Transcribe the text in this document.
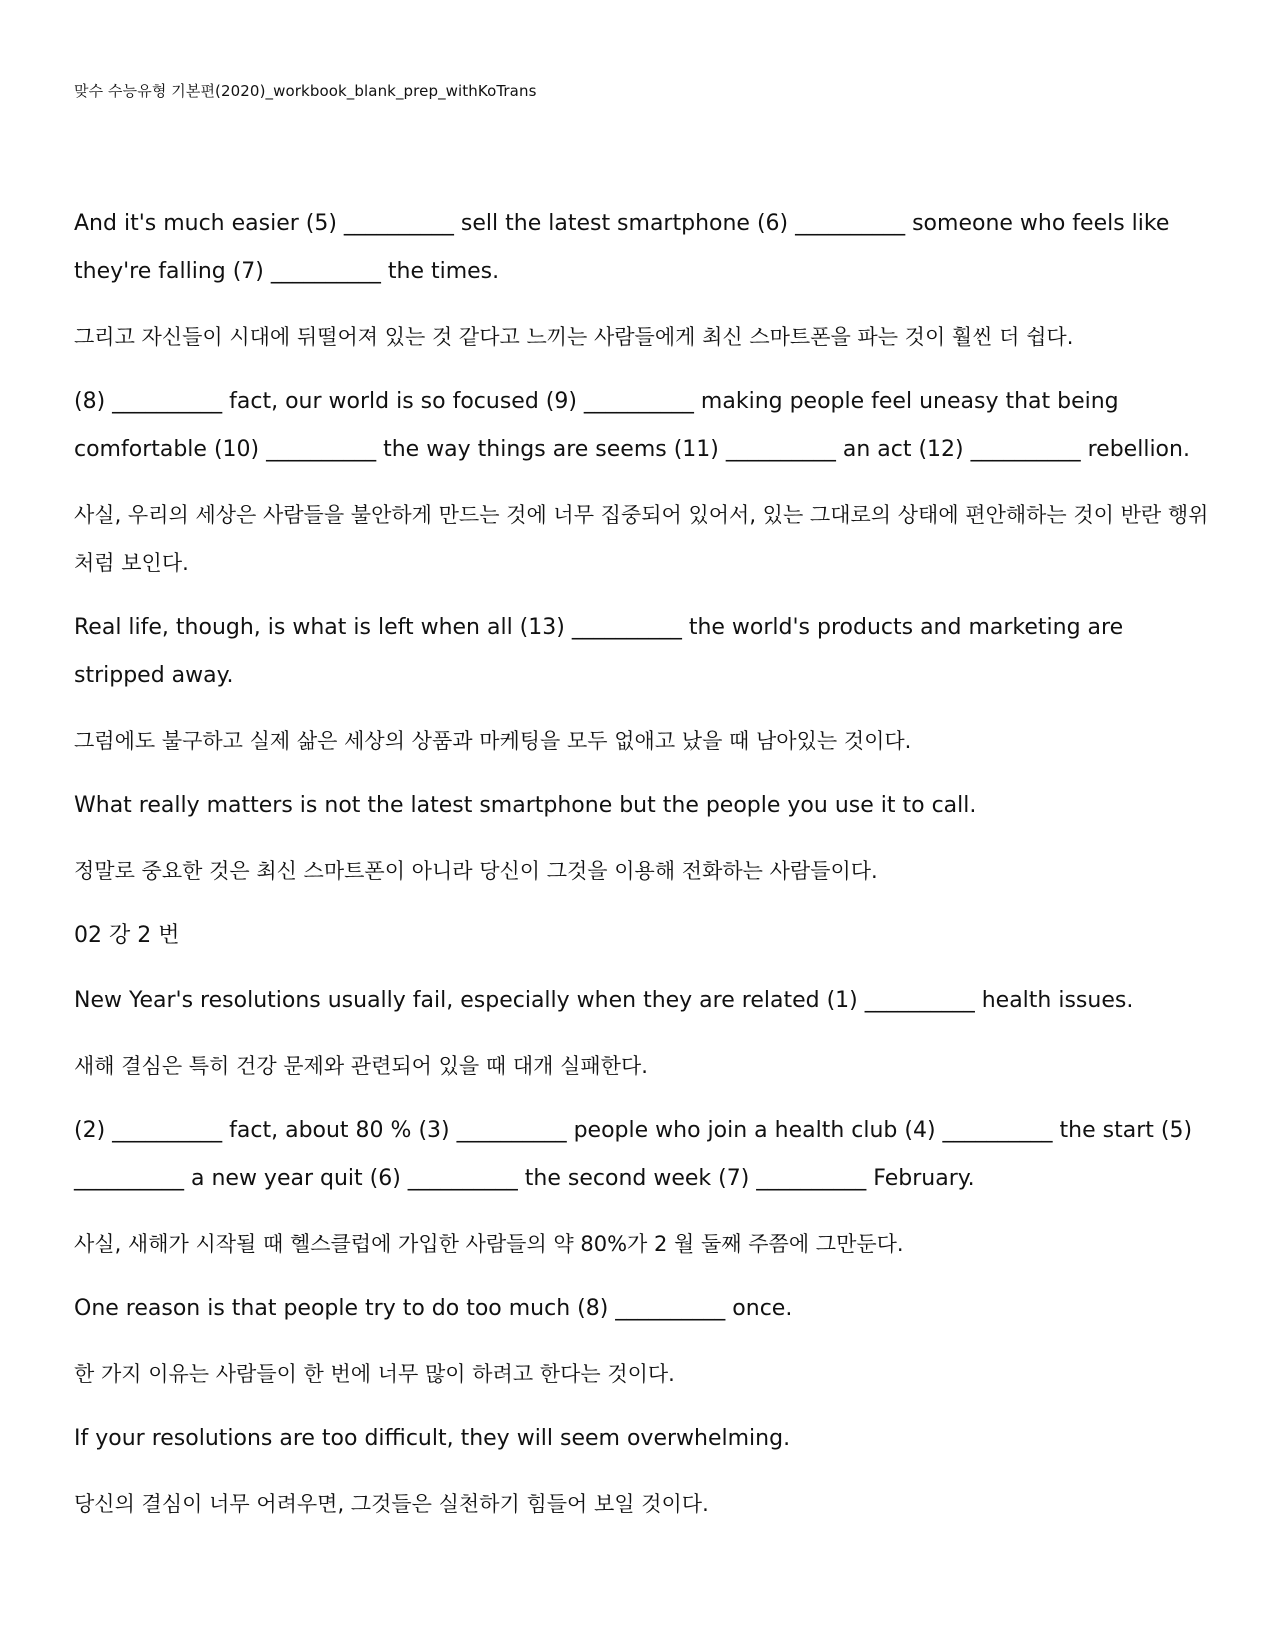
맞수 수능유형 기본편(2020)_workbook_blank_prep_withKoTrans

And it's much easier (5) __________ sell the latest smartphone (6) __________ someone who feels like they're falling (7) __________ the times.

그리고 자신들이 시대에 뒤떨어져 있는 것 같다고 느끼는 사람들에게 최신 스마트폰을 파는 것이 훨씬 더 쉽다.

(8) __________ fact, our world is so focused (9) __________ making people feel uneasy that being comfortable (10) __________ the way things are seems (11) __________ an act (12) __________ rebellion.

사실, 우리의 세상은 사람들을 불안하게 만드는 것에 너무 집중되어 있어서, 있는 그대로의 상태에 편안해하는 것이 반란 행위처럼 보인다.

Real life, though, is what is left when all (13) __________ the world's products and marketing are stripped away.

그럼에도 불구하고 실제 삶은 세상의 상품과 마케팅을 모두 없애고 났을 때 남아있는 것이다.

What really matters is not the latest smartphone but the people you use it to call.

정말로 중요한 것은 최신 스마트폰이 아니라 당신이 그것을 이용해 전화하는 사람들이다.

02 강 2 번

New Year's resolutions usually fail, especially when they are related (1) __________ health issues.

새해 결심은 특히 건강 문제와 관련되어 있을 때 대개 실패한다.

(2) __________ fact, about 80 % (3) __________ people who join a health club (4) __________ the start (5) __________ a new year quit (6) __________ the second week (7) __________ February.

사실, 새해가 시작될 때 헬스클럽에 가입한 사람들의 약 80%가 2 월 둘째 주쯤에 그만둔다.

One reason is that people try to do too much (8) __________ once.

한 가지 이유는 사람들이 한 번에 너무 많이 하려고 한다는 것이다.

If your resolutions are too difficult, they will seem overwhelming.

당신의 결심이 너무 어려우면, 그것들은 실천하기 힘들어 보일 것이다.
